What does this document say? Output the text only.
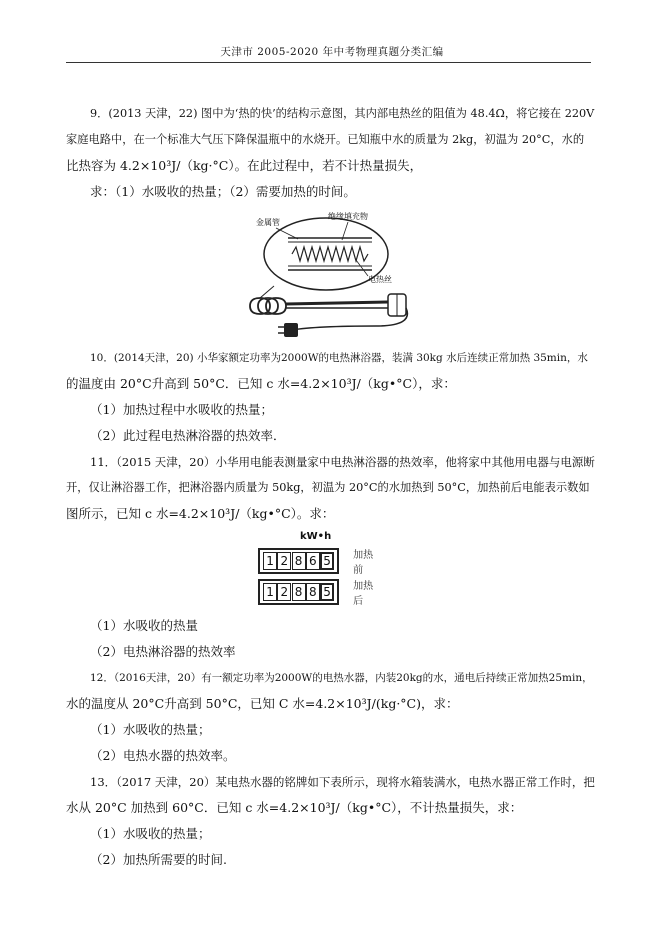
天津市 2005-2020 年中考物理真题分类汇编
9．(2013 天津，22) 图中为‘热的快’的结构示意图，其内部电热丝的阻值为 48.4Ω，将它接在 220V
家庭电路中，在一个标准大气压下降保温瓶中的水烧开。已知瓶中水的质量为 2kg，初温为 20°C，水的
比热容为 4.2×10³J/（kg·°C）。在此过程中，若不计热量损失，
求：（1）水吸收的热量；（2）需要加热的时间。
金属管
绝缘填充物
电热丝
10．(2014天津，20) 小华家额定功率为2000W的电热淋浴器，装满 30kg 水后连续正常加热 35min，水
的温度由 20°C升高到 50°C．已知 c 水=4.2×10³J/（kg•°C），求：
（1）加热过程中水吸收的热量；
（2）此过程电热淋浴器的热效率．
11．（2015 天津，20）小华用电能表测量家中电热淋浴器的热效率，他将家中其他用电器与电源断
开，仅让淋浴器工作，把淋浴器内质量为 50kg，初温为 20°C的水加热到 50°C，加热前后电能表示数如
图所示，已知 c 水=4.2×10³J/（kg•°C）。求：
kW•h
1 2 8 6 5	加热前
1 2 8 8 5	加热后
（1）水吸收的热量
（2）电热淋浴器的热效率
12．（2016天津，20）有一额定功率为2000W的电热水器，内装20kg的水，通电后持续正常加热25min，
水的温度从 20°C升高到 50°C，已知 C 水=4.2×10³J/(kg·°C)，求：
（1）水吸收的热量；
（2）电热水器的热效率。
13．（2017 天津，20）某电热水器的铭牌如下表所示，现将水箱装满水，电热水器正常工作时，把
水从 20°C 加热到 60°C．已知 c 水=4.2×10³J/（kg•°C），不计热量损失，求：
（1）水吸收的热量；
（2）加热所需要的时间.
